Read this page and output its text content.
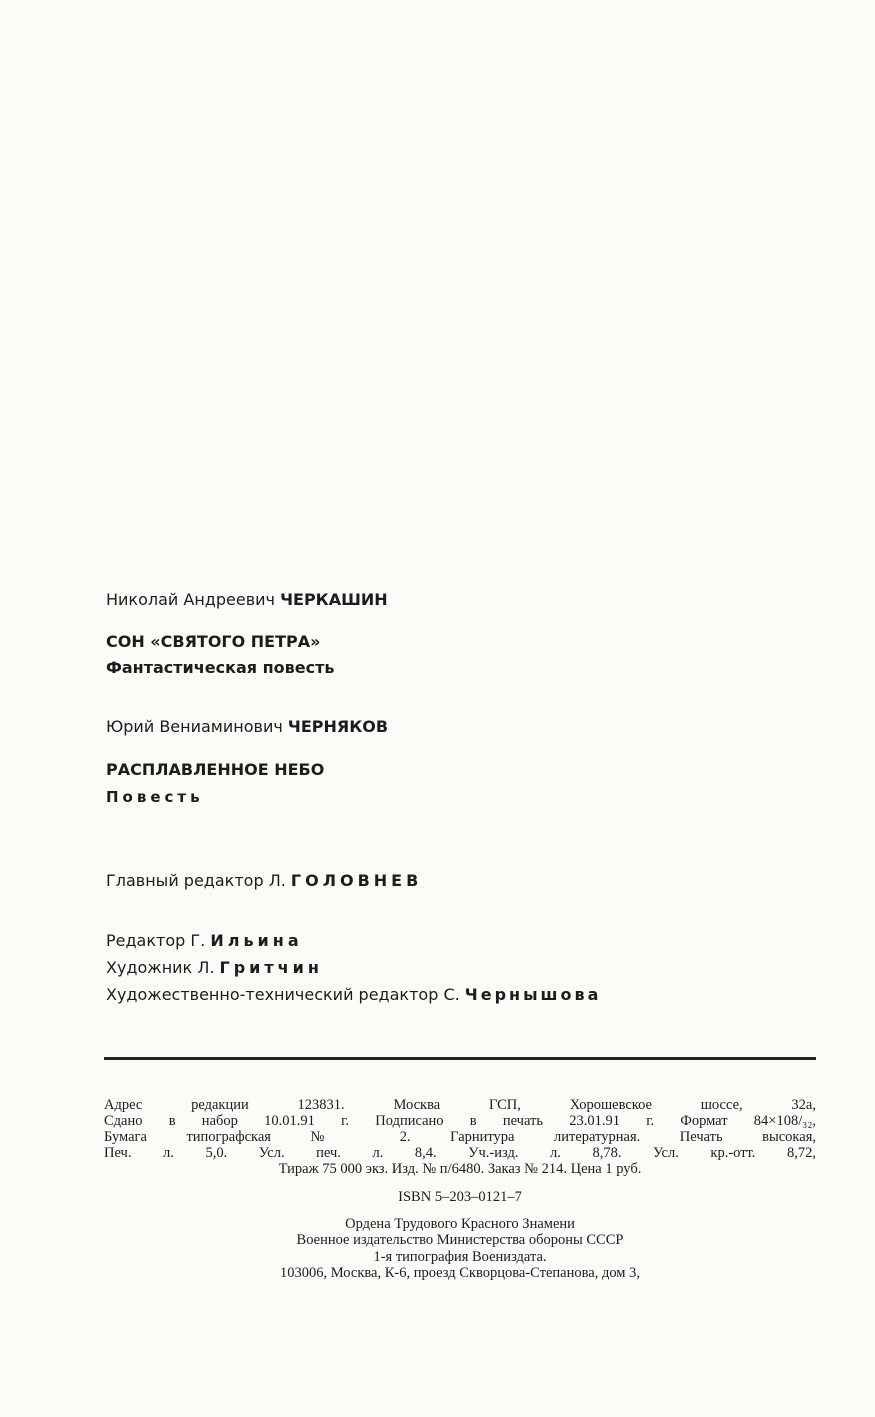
Николай Андреевич ЧЕРКАШИН
СОН «СВЯТОГО ПЕТРА»
Фантастическая повесть
Юрий Вениаминович ЧЕРНЯКОВ
РАСПЛАВЛЕННОЕ НЕБО
Повесть
Главный редактор Л. ГОЛОВНЕВ
Редактор Г. Ильина
Художник Л. Гритчин
Художественно-технический редактор С. Чернышова
Адрес редакции 123831. Москва ГСП, Хорошевское шоссе, 32а,
Сдано в набор 10.01.91 г. Подписано в печать 23.01.91 г. Формат 84×108/₃₂,
Бумага типографская № 2. Гарнитура литературная. Печать высокая,
Печ. л. 5,0. Усл. печ. л. 8,4. Уч.-изд. л. 8,78. Усл. кр.-отт. 8,72,
Тираж 75 000 экз. Изд. № п/6480. Заказ № 214. Цена 1 руб.
ISBN 5–203–0121–7
Ордена Трудового Красного Знамени
Военное издательство Министерства обороны СССР
1-я типография Воениздата.
103006, Москва, К-6, проезд Скворцова-Степанова, дом 3,
